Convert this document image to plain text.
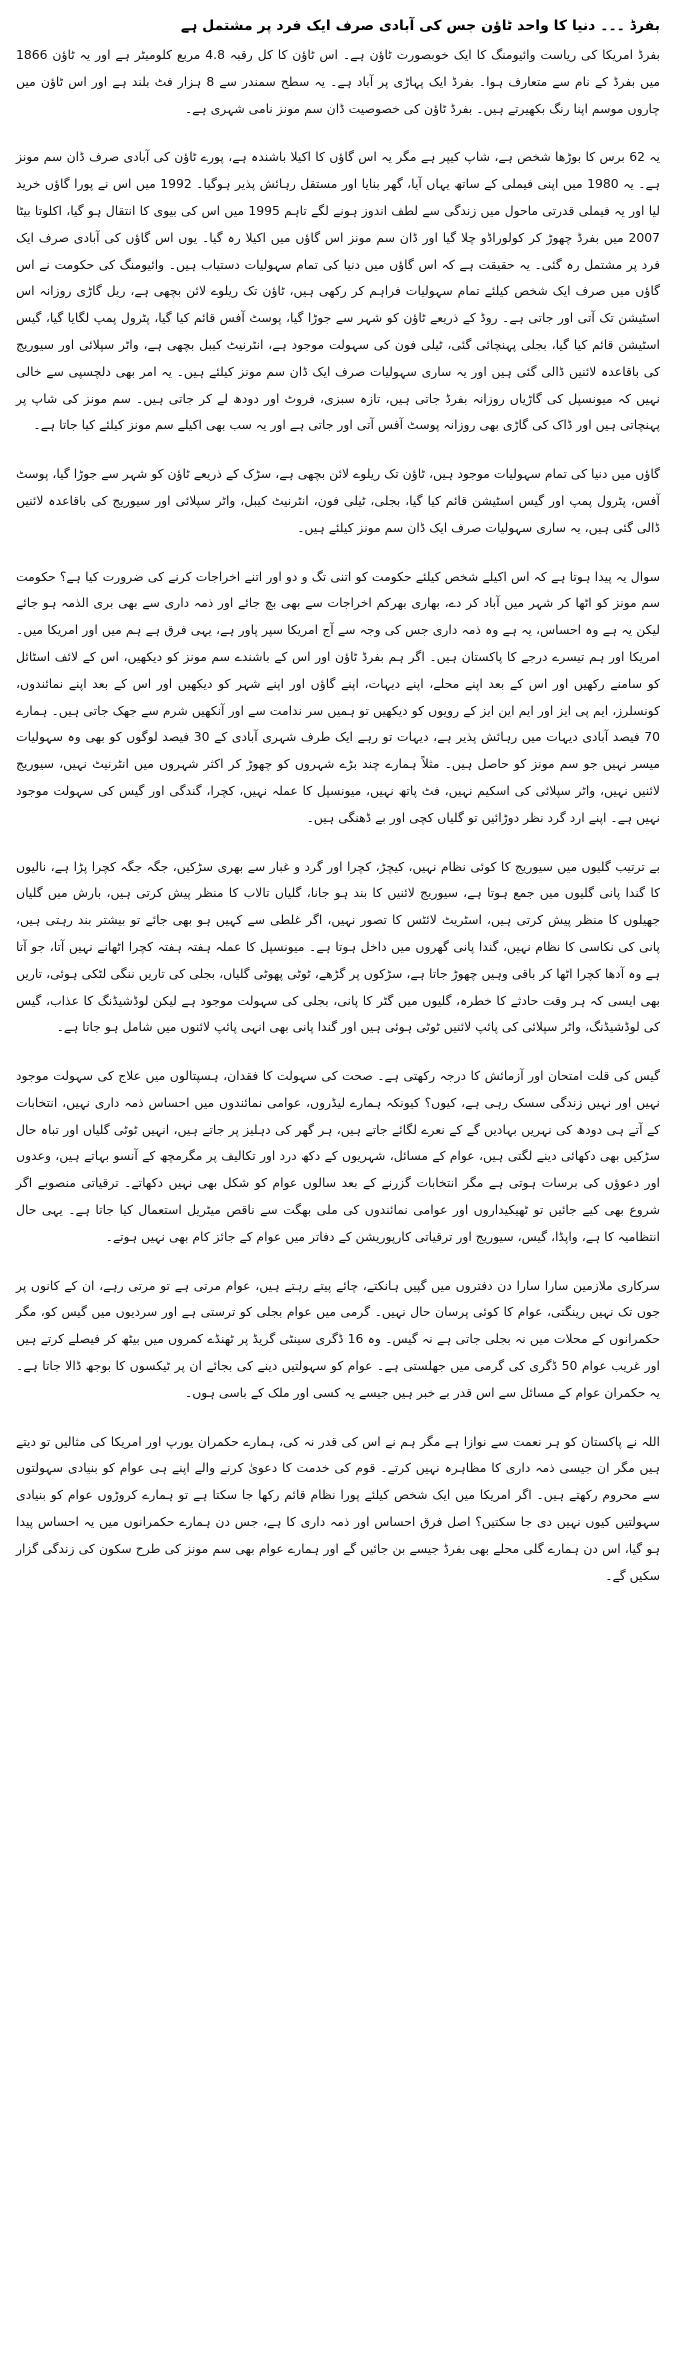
بفرڈ ۔۔۔ دنیا کا واحد ٹاؤن جس کی آبادی صرف ایک فرد پر مشتمل ہے
بفرڈ امریکا کی ریاست وائیومنگ کا ایک خوبصورت ٹاؤن ہے۔ اس ٹاؤن کا کل رقبہ 4.8 مربع کلومیٹر ہے اور یہ ٹاؤن 1866 میں بفرڈ کے نام سے متعارف ہوا۔ بفرڈ ایک پہاڑی پر آباد ہے۔ یہ سطح سمندر سے 8 ہزار فٹ بلند ہے اور اس ٹاؤن میں چاروں موسم اپنا رنگ بکھیرتے ہیں۔ بفرڈ ٹاؤن کی خصوصیت ڈان سم مونز نامی شہری ہے۔
یہ 62 برس کا بوڑھا شخص ہے، شاپ کیپر ہے مگر یہ اس گاؤں کا اکیلا باشندہ ہے، پورے ٹاؤن کی آبادی صرف ڈان سم مونز ہے۔ یہ 1980 میں اپنی فیملی کے ساتھ یہاں آیا، گھر بنایا اور مستقل رہائش پذیر ہوگیا۔ 1992 میں اس نے پورا گاؤں خرید لیا اور یہ فیملی قدرتی ماحول میں زندگی سے لطف اندوز ہونے لگے تاہم 1995 میں اس کی بیوی کا انتقال ہو گیا، اکلوتا بیٹا 2007 میں بفرڈ چھوڑ کر کولوراڈو چلا گیا اور ڈان سم مونز اس گاؤں میں اکیلا رہ گیا۔ یوں اس گاؤں کی آبادی صرف ایک فرد پر مشتمل رہ گئی۔ یہ حقیقت ہے کہ اس گاؤں میں دنیا کی تمام سہولیات دستیاب ہیں۔ وائیومنگ کی حکومت نے اس گاؤں میں صرف ایک شخص کیلئے تمام سہولیات فراہم کر رکھی ہیں، ٹاؤن تک ریلوے لائن بچھی ہے، ریل گاڑی روزانہ اس اسٹیشن تک آتی اور جاتی ہے۔ روڈ کے ذریعے ٹاؤن کو شہر سے جوڑا گیا، پوسٹ آفس قائم کیا گیا، پٹرول پمپ لگایا گیا، گیس اسٹیشن قائم کیا گیا، بجلی پہنچائی گئی، ٹیلی فون کی سہولت موجود ہے، انٹرنیٹ کیبل بچھی ہے، واٹر سپلائی اور سیوریج کی باقاعدہ لائنیں ڈالی گئی ہیں اور یہ ساری سہولیات صرف ایک ڈان سم مونز کیلئے ہیں۔ یہ امر بھی دلچسپی سے خالی نہیں کہ میونسپل کی گاڑیاں روزانہ بفرڈ جاتی ہیں، تازہ سبزی، فروٹ اور دودھ لے کر جاتی ہیں۔ سم مونز کی شاپ پر پہنچاتی ہیں اور ڈاک کی گاڑی بھی روزانہ پوسٹ آفس آتی اور جاتی ہے اور یہ سب بھی اکیلے سم مونز کیلئے کیا جاتا ہے۔
گاؤں میں دنیا کی تمام سہولیات موجود ہیں، ٹاؤن تک ریلوے لائن بچھی ہے، سڑک کے ذریعے ٹاؤن کو شہر سے جوڑا گیا، پوسٹ آفس، پٹرول پمپ اور گیس اسٹیشن قائم کیا گیا، بجلی، ٹیلی فون، انٹرنیٹ کیبل، واٹر سپلائی اور سیوریج کی باقاعدہ لائنیں ڈالی گئی ہیں، یہ ساری سہولیات صرف ایک ڈان سم مونز کیلئے ہیں۔
سوال یہ پیدا ہوتا ہے کہ اس اکیلے شخص کیلئے حکومت کو اتنی تگ و دو اور اتنے اخراجات کرنے کی ضرورت کیا ہے؟ حکومت سم مونز کو اٹھا کر شہر میں آباد کر دے، بھاری بھرکم اخراجات سے بھی بچ جائے اور ذمہ داری سے بھی بری الذمہ ہو جائے لیکن یہ ہے وہ احساس، یہ ہے وہ ذمہ داری جس کی وجہ سے آج امریکا سپر پاور ہے، یہی فرق ہے ہم میں اور امریکا میں۔ امریکا اور ہم تیسرے درجے کا پاکستان ہیں۔ اگر ہم بفرڈ ٹاؤن اور اس کے باشندے سم مونز کو دیکھیں، اس کے لائف اسٹائل کو سامنے رکھیں اور اس کے بعد اپنے محلے، اپنے دیہات، اپنے گاؤں اور اپنے شہر کو دیکھیں اور اس کے بعد اپنے نمائندوں، کونسلرز، ایم پی ایز اور ایم این ایز کے رویوں کو دیکھیں تو ہمیں سر ندامت سے اور آنکھیں شرم سے جھک جاتی ہیں۔ ہمارے 70 فیصد آبادی دیہات میں رہائش پذیر ہے، دیہات تو رہے ایک طرف شہری آبادی کے 30 فیصد لوگوں کو بھی وہ سہولیات میسر نہیں جو سم مونز کو حاصل ہیں۔ مثلاً ہمارے چند بڑے شہروں کو چھوڑ کر اکثر شہروں میں انٹرنیٹ نہیں، سیوریج لائنیں نہیں، واٹر سپلائی کی اسکیم نہیں، فٹ پاتھ نہیں، میونسپل کا عملہ نہیں، کچرا، گندگی اور گیس کی سہولت موجود نہیں ہے۔ اپنے ارد گرد نظر دوڑائیں تو گلیاں کچی اور بے ڈھنگی ہیں۔
بے ترتیب گلیوں میں سیوریج کا کوئی نظام نہیں، کیچڑ، کچرا اور گرد و غبار سے بھری سڑکیں، جگہ جگہ کچرا پڑا ہے، نالیوں کا گندا پانی گلیوں میں جمع ہوتا ہے، سیوریج لائنیں کا بند ہو جانا، گلیاں تالاب کا منظر پیش کرتی ہیں، بارش میں گلیاں جھیلوں کا منظر پیش کرتی ہیں، اسٹریٹ لائٹس کا تصور نہیں، اگر غلطی سے کہیں ہو بھی جائے تو بیشتر بند رہتی ہیں، پانی کی نکاسی کا نظام نہیں، گندا پانی گھروں میں داخل ہوتا ہے۔ میونسپل کا عملہ ہفتہ ہفتہ کچرا اٹھانے نہیں آتا، جو آتا ہے وہ آدھا کچرا اٹھا کر باقی وہیں چھوڑ جاتا ہے، سڑکوں پر گڑھے، ٹوٹی پھوٹی گلیاں، بجلی کی تاریں ننگی لٹکی ہوئی، تاریں بھی ایسی کہ ہر وقت حادثے کا خطرہ، گلیوں میں گٹر کا پانی، بجلی کی سہولت موجود ہے لیکن لوڈشیڈنگ کا عذاب، گیس کی لوڈشیڈنگ، واٹر سپلائی کی پائپ لائنیں ٹوٹی ہوئی ہیں اور گندا پانی بھی انہی پائپ لائنوں میں شامل ہو جاتا ہے۔
گیس کی قلت امتحان اور آزمائش کا درجہ رکھتی ہے۔ صحت کی سہولت کا فقدان، ہسپتالوں میں علاج کی سہولت موجود نہیں اور نہیں زندگی سسک رہی ہے، کیوں؟ کیونکہ ہمارے لیڈروں، عوامی نمائندوں میں احساس ذمہ داری نہیں، انتخابات کے آتے ہی دودھ کی نہریں بہادیں گے کے نعرے لگائے جاتے ہیں، ہر گھر کی دہلیز پر جاتے ہیں، انہیں ٹوٹی گلیاں اور تباہ حال سڑکیں بھی دکھائی دینے لگتی ہیں، عوام کے مسائل، شہریوں کے دکھ درد اور تکالیف پر مگرمچھ کے آنسو بہاتے ہیں، وعدوں اور دعوؤں کی برسات ہوتی ہے مگر انتخابات گزرنے کے بعد سالوں عوام کو شکل بھی نہیں دکھاتے۔ ترقیاتی منصوبے اگر شروع بھی کیے جائیں تو ٹھیکیداروں اور عوامی نمائندوں کی ملی بھگت سے ناقص میٹریل استعمال کیا جاتا ہے۔ یہی حال انتظامیہ کا ہے، واپڈا، گیس، سیوریج اور ترقیاتی کارپوریشن کے دفاتر میں عوام کے جائز کام بھی نہیں ہوتے۔
سرکاری ملازمین سارا سارا دن دفتروں میں گپیں ہانکتے، چائے پیتے رہتے ہیں، عوام مرتی ہے تو مرتی رہے، ان کے کانوں پر جوں تک نہیں رینگتی، عوام کا کوئی پرسان حال نہیں۔ گرمی میں عوام بجلی کو ترستی ہے اور سردیوں میں گیس کو، مگر حکمرانوں کے محلات میں نہ بجلی جاتی ہے نہ گیس۔ وہ 16 ڈگری سینٹی گریڈ پر ٹھنڈے کمروں میں بیٹھ کر فیصلے کرتے ہیں اور غریب عوام 50 ڈگری کی گرمی میں جھلستی ہے۔ عوام کو سہولتیں دینے کی بجائے ان پر ٹیکسوں کا بوجھ ڈالا جاتا ہے۔ یہ حکمران عوام کے مسائل سے اس قدر بے خبر ہیں جیسے یہ کسی اور ملک کے باسی ہوں۔
اللہ نے پاکستان کو ہر نعمت سے نوازا ہے مگر ہم نے اس کی قدر نہ کی، ہمارے حکمران یورپ اور امریکا کی مثالیں تو دیتے ہیں مگر ان جیسی ذمہ داری کا مظاہرہ نہیں کرتے۔ قوم کی خدمت کا دعویٰ کرنے والے اپنے ہی عوام کو بنیادی سہولتوں سے محروم رکھتے ہیں۔ اگر امریکا میں ایک شخص کیلئے پورا نظام قائم رکھا جا سکتا ہے تو ہمارے کروڑوں عوام کو بنیادی سہولتیں کیوں نہیں دی جا سکتیں؟ اصل فرق احساس اور ذمہ داری کا ہے، جس دن ہمارے حکمرانوں میں یہ احساس پیدا ہو گیا، اس دن ہمارے گلی محلے بھی بفرڈ جیسے بن جائیں گے اور ہمارے عوام بھی سم مونز کی طرح سکون کی زندگی گزار سکیں گے۔
